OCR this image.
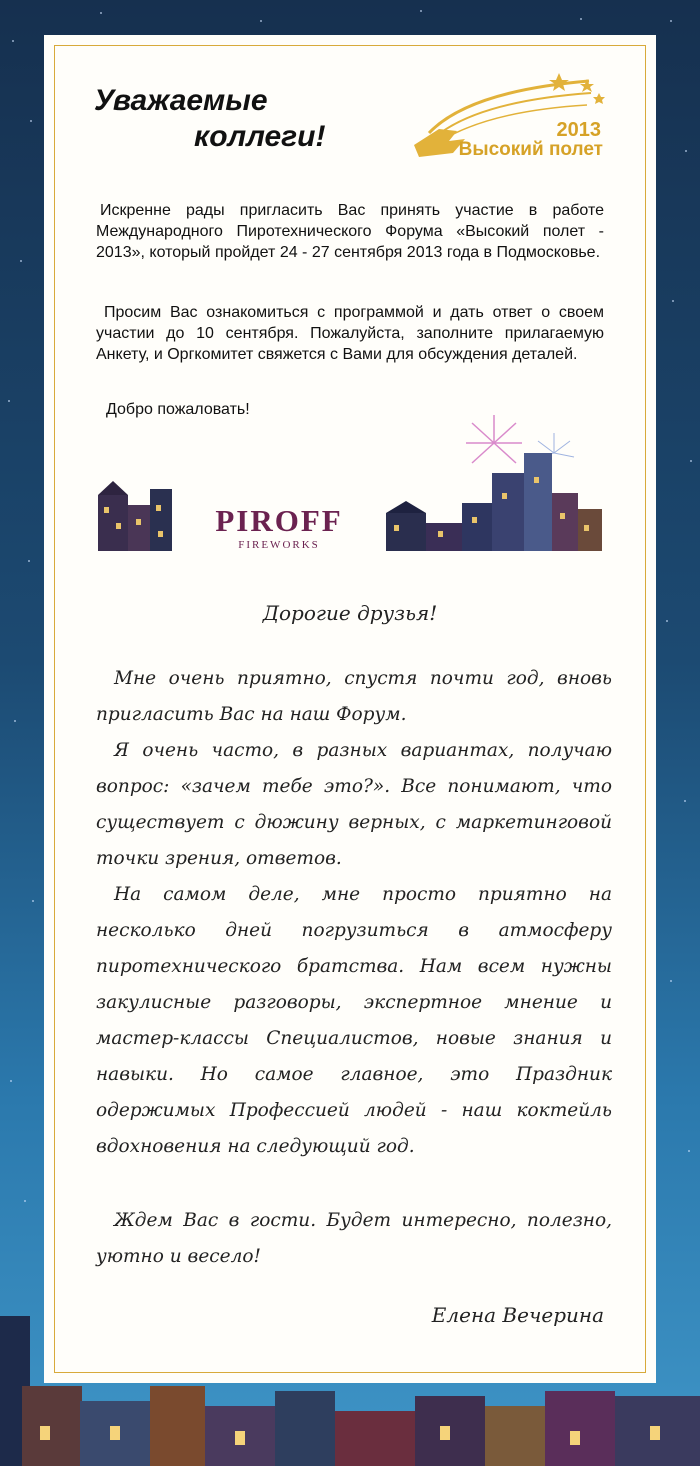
Уважаемые
коллеги!	2013
Высокий полет

Искренне рады пригласить Вас принять участие в работе Международного Пиротехнического Форума «Высокий полет - 2013», который пройдет 24 - 27 сентября 2013 года в Подмосковье.

Просим Вас ознакомиться с программой и дать ответ о своем участии до 10 сентября. Пожалуйста, заполните прилагаемую Анкету, и Оргкомитет свяжется с Вами для обсуждения деталей.

Добро пожаловать!

PIROFF
FIREWORKS

Дорогие друзья!

Мне очень приятно, спустя почти год, вновь пригласить Вас на наш Форум.

Я очень часто, в разных вариантах, получаю вопрос: «зачем тебе это?». Все понимают, что существует с дюжину верных, с маркетинговой точки зрения, ответов.

На самом деле, мне просто приятно на несколько дней погрузиться в атмосферу пиротехнического братства. Нам всем нужны закулисные разговоры, экспертное мнение и мастер-классы Специалистов, новые знания и навыки. Но самое главное, это Праздник одержимых Профессией людей - наш коктейль вдохновения на следующий год.

Ждем Вас в гости. Будет интересно, полезно, уютно и весело!

Елена Вечерина
